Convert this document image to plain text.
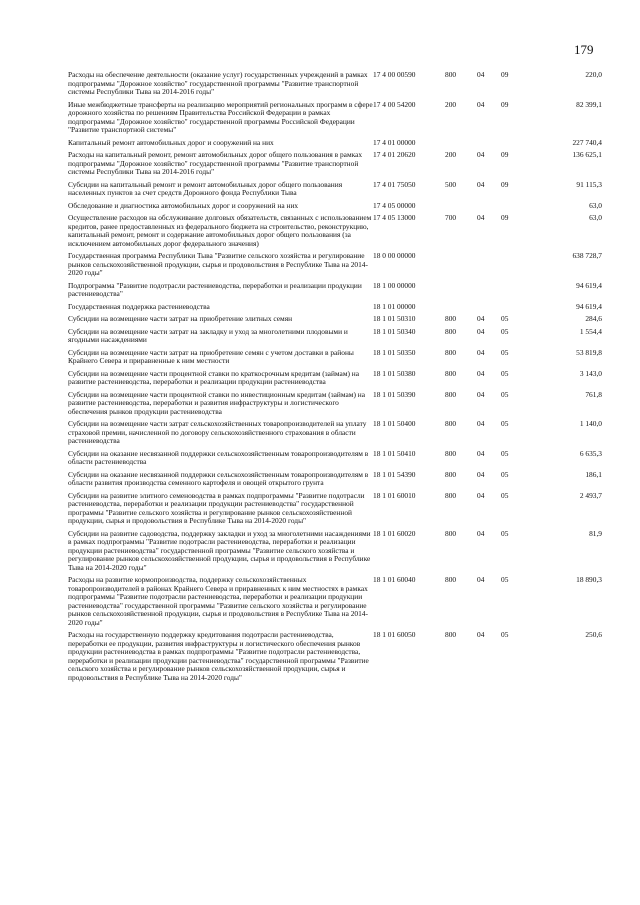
179
Расходы на обеспечение деятельности (оказание услуг) государственных учреждений в рамках подпрограммы "Дорожное хозяйство" государственной программы "Развитие транспортной системы Республики Тыва на 2014-2016 годы"	17 4 00 00590	800	04	09	220,0
Иные межбюджетные трансферты на реализацию мероприятий региональных программ в сфере дорожного хозяйства по решениям Правительства Российской Федерации в рамках подпрограммы "Дорожное хозяйство" государственной программы Российской Федерации "Развитие транспортной системы"	17 4 00 54200	200	04	09	82 399,1
Капитальный ремонт автомобильных дорог и сооружений на них	17 4 01 00000				227 740,4
Расходы на капитальный ремонт, ремонт автомобильных дорог общего пользования в рамках подпрограммы "Дорожное хозяйство" государственной программы "Развитие транспортной системы Республики Тыва на 2014-2016 годы"	17 4 01 20620	200	04	09	136 625,1
Субсидии на капитальный ремонт и ремонт автомобильных дорог общего пользования населенных пунктов за счет средств Дорожного фонда Республики Тыва	17 4 01 75050	500	04	09	91 115,3
Обследование и диагностика автомобильных дорог и сооружений на них	17 4 05 00000				63,0
Осуществление расходов на обслуживание долговых обязательств, связанных с использованием кредитов, ранее предоставленных из федерального бюджета на строительство, реконструкцию, капитальный ремонт, ремонт и содержание автомобильных дорог общего пользования (за исключением автомобильных дорог федерального значения)	17 4 05 13000	700	04	09	63,0
Государственная программа Республики Тыва "Развитие сельского хозяйства и регулирование рынков сельскохозяйственной продукции, сырья и продовольствия в Республике Тыва на 2014-2020 годы"	18 0 00 00000				638 728,7
Подпрограмма "Развитие подотрасли растениеводства, переработки и реализации продукции растениеводства"	18 1 00 00000				94 619,4
Государственная поддержка растениеводства	18 1 01 00000				94 619,4
Субсидии на возмещение части затрат на приобретение элитных семян	18 1 01 50310	800	04	05	284,6
Субсидии на возмещение части затрат на закладку и уход за многолетними плодовыми и ягодными насаждениями	18 1 01 50340	800	04	05	1 554,4
Субсидии на возмещение части затрат на приобретение семян с учетом доставки в районы Крайнего Севера и приравненные к ним местности	18 1 01 50350	800	04	05	53 819,8
Субсидии на возмещение части процентной ставки по краткосрочным кредитам (займам) на развитие растениеводства, переработки и реализации продукции растениеводства	18 1 01 50380	800	04	05	3 143,0
Субсидии на возмещение части процентной ставки по инвестиционным кредитам (займам) на развитие растениеводства, переработки и развития инфраструктуры и логистического обеспечения рынков продукции растениеводства	18 1 01 50390	800	04	05	761,8
Субсидии на возмещение части затрат сельскохозяйственных товаропроизводителей на уплату страховой премии, начисленной по договору сельскохозяйственного страхования в области растениеводства	18 1 01 50400	800	04	05	1 140,0
Субсидии на оказание несвязанной поддержки сельскохозяйственным товаропроизводителям в области растениеводства	18 1 01 50410	800	04	05	6 635,3
Субсидии на оказание несвязанной поддержки сельскохозяйственным товаропроизводителям в области развития производства семенного картофеля и овощей открытого грунта	18 1 01 54390	800	04	05	186,1
Субсидии на развитие элитного семеноводства в рамках подпрограммы "Развитие подотрасли растениеводства, переработки и реализации продукции растениеводства" государственной программы "Развитие сельского хозяйства и регулирование рынков сельскохозяйственной продукции, сырья и продовольствия в Республике Тыва на 2014-2020 годы"	18 1 01 60010	800	04	05	2 493,7
Субсидии на развитие садоводства, поддержку закладки и уход за многолетними насаждениями в рамках подпрограммы "Развитие подотрасли растениеводства, переработки и реализации продукции растениеводства" государственной программы "Развитие сельского хозяйства и регулирование рынков сельскохозяйственной продукции, сырья и продовольствия в Республике Тыва на 2014-2020 годы"	18 1 01 60020	800	04	05	81,9
Расходы на развитие кормопроизводства, поддержку сельскохозяйственных товаропроизводителей в районах Крайнего Севера и приравненных к ним местностях в рамках подпрограммы "Развитие подотрасли растениеводства, переработки и реализации продукции растениеводства" государственной программы "Развитие сельского хозяйства и регулирование рынков сельскохозяйственной продукции, сырья и продовольствия в Республике Тыва на 2014-2020 годы"	18 1 01 60040	800	04	05	18 890,3
Расходы на государственную поддержку кредитования подотрасли растениеводства, переработки ее продукции, развития инфраструктуры и логистического обеспечения рынков продукции растениеводства в рамках подпрограммы "Развитие подотрасли растениеводства, переработки и реализации продукции растениеводства" государственной программы "Развитие сельского хозяйства и регулирование рынков сельскохозяйственной продукции, сырья и продовольствия в Республике Тыва на 2014-2020 годы"	18 1 01 60050	800	04	05	250,6
